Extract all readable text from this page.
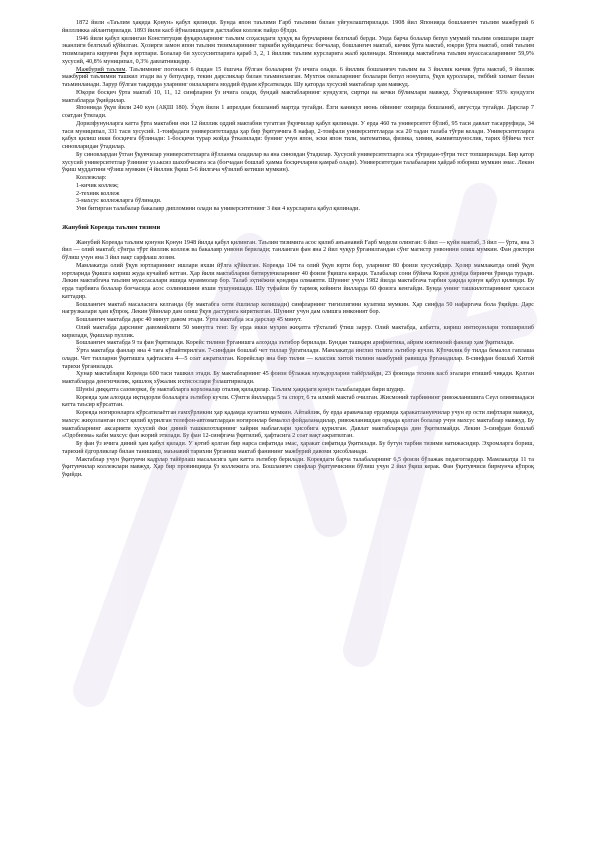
1872 йили «Таълим ҳақида Қонун» қабул қилинди. Бунда япон таълими Ғарб таълими билан уйғунлаштирилади. 1908 йил Японияда бошланғич таълим мажбурий 6 йиллликка айлантирилади. 1893 йили касб йўналишидаги дастлабки коллеж пайдо бўлди.

1946 йили қабул қилинган Конституция фуқароларнинг таълим соҳасидаги ҳуқуқ ва бурчларини белгилаб берди. Унда барча болалар бепул умумий таълим олишлари шарт эканлиги белгилаб қўйилган. Ҳозирги замон япон таълим тизимларининг таркиби қуйидагича: боғчалар, бошланғич мактаб, кичик ўрта мактаб, юқори ўрта мактаб, олий таълим тизимларига кирувчи ўқув юртлари. Болалар 6и хуссусиятларига қараб 3, 2, 1 йиллик таълим курсларига жалб қилинади. Японияда мактабгача таълим муассасаларининг 59,9% хусусий, 40,8% муниципал, 0,3% давлатникидир.

Мажбурий таълим. Таълимнинг погонаси 6 ёшдан 15 ёшгача бўлган болаларни ўз ичига олади. 6 йиллик бошланғич таълим ва 3 йиллик кичик ўрта мактаб, 9 йиллик мажбурий таълимни ташкил этади ва у бепулдир, текин дарсликлар билан таъминланган. Мухтож оилаларнинг болалари бепул нонушта, ўқув қуроллари, тиббий хизмат билан таъминланади. Зарур бўлган тақдирда уларнинг оилаларига моддий ёрдам кўрсатилади. Шу қаторда хусусий мактаблар ҳам мавжуд.

Юқори босқич ўрта мактаб 10, 11, 12 синфларни ўз ичига олади, бундай мактабларнинг кундузги, сиртқи ва кечки бўлимлари мавжуд. Ўқувчиларнинг 95% кундузги мактабларда ўқийдилар.

Японияда ўқув йили 240 кун (АҚШ 180). Ўқув йили 1 апрелдан бошланиб мартда тугайди. Ёзги каникул июнь ойининг охирида бошланиб, августда тугайди. Дарслар 7 соатдан ўтилади.

Дорилфунунларга катта ўрта мактабни еки 12 йиллик оддий мактабни тугатган ўқувчилар қабул қилинади. У ерда 460 та университет бўлиб, 95 таси давлат тасарруфида, 34 таси муниципал, 331 таси хусусий. 1-тоифадаги университетларда ҳар бир ўқитувчига 8 нафар, 2-тоифали университетларда эса 20 тадан талаба тўғри келади. Университетларга қабул қилиш икки босқичга бўлинади: 1-босқичи турар жойда ўтказилади: бунинг учун япон, эски япон тили, математика, физика, химия, жамиятшунослик, тарих бўйича тест синовларидан ўтадилар.

Бу синовлардан ўтган ўқувчилар университетларга йўлланма оладилар ва яна синовдан ўтадилар. Хусусий университетларга эса тўғридан-тўғри тест топширилади. Бир қатор хусусий университетлар ўзининг уз.ьксиз шахобчасига эса (боғчадан бошлаб ҳамма босқичларни қамраб олади). Университетдан талабаларни ҳайдаб юбориш мумкин эмас. Лекин ўқиш муддатини чўзиш мумкин (4 йиллик ўқиш 5-6 йилгача чўзилиб кетиши мумкин).

Коллежлар:

1-кичик коллеж;

2-техник коллеж

3-махсус коллежларга бўлинади.

Уни битирган талабалар бакалавр дипломини олади ва университетнинг 3 ёки 4 курсларига қабул қилинади.

Жанубий Кореяда таълим тизими

Жанубий Кореяда таълим қонуни Қонун 1948 йилда қабул қилинган. Таълим тизимига асос қилиб анъанавий Ғарб модели олинган: 6 йил — қуйи мактаб, 3 йил — ўрта, яна 3 йил — олий мактаб; сўнгра тўрт йиллик коллеж ва бакалавр унвони берилади; танланган фан яна 2 йил чуқур ўрганилгандан сўнг магистр унвонини олиш мумкин. Фан доктори бўлиш учун яна 3 йил вақт сарфлаш лозим.

Мамлакатда олий ўқув юртларининг ишлари яхши йўлга қўйилган. Кореяда 104 та олий ўқув юрти бор, уларнинг 80 фоизи хусусийдир. Ҳозир мамлакатда олий ўқув юртларида ўқишга кириш жуда кучайиб кетган. Ҳар йили мактабларни битирувчиларнинг 40 фоизи ўқишга киради. Талабалар сони бўйича Корея дунёда биринчи ўринда туради. Лекин мактабгача таълим муассасалари ишида муаммолар бор. Талаб эҳтиёжни қондира олмаяпти. Шунинг учун 1982 йилда мактабгача тарбия ҳақида қонун қабул қилинди. Бу ерда тарбияга болалар боғчасида асос солинишини яхши тушунишади. Шу туфайли бу тармоқ кейинги йилларда 60 фоизга кенгайди. Бунда унинг ташкилотларининг ҳиссаси каттадир.

Бошланғич мактаб масаласига келганда (бу мактабга олти ёшлилар келишади) синфларнинг тиғизлигини кузатиш мумкин. Ҳар синфда 50 нафаргача бола ўқийди. Дарс нагрузкалари ҳам кўпроқ. Лекин ўйинлар дам олиш ўқув дастурига киритилган. Шунинг учун дам олишга имконият бор.

Бошланғич мактабда дарс 40 минут давом этади. Ўрта мактабда эса дарслар 45 минут.

Олий мактабда дарснинг давомийлиги 50 минутга тенг. Бу ерда икки муҳим жиҳатга тўхталиб ўтиш зарур. Олий мактабда, албатта, кириш имтиҳонлари топширилиб кирилади, ўқишлар пуллик.

Бошланғич мактабда 9 та фан ўқитилади. Корейс тилини ўрганишга алоҳида эътибор берилади. Бундан ташқари арифметика, айрим ижтимоий фанлар ҳам ўқитилади.

Ўрта мактабда фанлар яна 4 таға кўпайтирилган. 7-синфдан бошлаб чет тиллар ўргатилади. Мамлакатда инглиз тилига эътибор кучли. Кўпчилик бу тилда бемалол гаплаша олади. Чет тилларни ўқитишга ҳафтасига 4—5 соат ажратилган. Корейслар яна бир тилни — классик хитой тилини мажбурий равишда ўрганадилар. 8-синфдан бошлаб Хитой тарихи ўрганилади.

Ҳунар мактаблари Кореяда 600 таси ташкил этади. Бу мактабларнинг 45 фоизи бўлажак мулкдорларни тайёрлайди, 23 фоизида техник касб эгалари етишиб чиқади. Қолган мактабларда денгизчилик, қишлоқ хўжалик ихтисослари ўзлаштирилади.

Шунisi диққатга сазоворки, бу мактабларга корхоналар оталиқ қиладилар. Таълим ҳақидаги қонун талабалардан бири шудир.

Кореяда ҳам алоҳида иқтидорли болаларга эътибор кучли. Сўнгги йилларда 5 та спорт, 6 та илмий мактаб очилган. Жисмоний тарбиянинг ривожланишига Сеул олимпиадаси катта таъсир кўрсатган.

Кореяда ноғиронларга кўрсатилаётган ғамхўрликни ҳар қадамда кузатиш мумкин. Айтайлик, бу ерда аравачалар ердамида ҳаракатланувчилар учун ер ости лифтлари мавжуд, махсус жиҳозланган пост қилиб қурилган телефон-автоматлардан ногиронлар бемалол фойдаланадилар, ривожланишдан орқада қолган болалар учун махсус мактаблар мавжуд. Бу мактабларнинг аксарияти хусусий ёки диний ташкилотларнинг хайрия маблағлари ҳисобига қурилган. Давлат мактабларида дин ўқитилмайди. Лекин 3-синфдан бошлаб «Одобнома» каби махсус фан жорий этилади. Бу фан 12-синфгача ўқитилиб, ҳафтасига 2 соат вақт ажратилган.

Бу фан ўз ичига диний ҳам қабул қилади. У қотиб қолган бир нарса сифатида эмас, ҳаракат сифатида ўқитилади. Бу бутун тарбия тизими натижасидир. Эҳромларга бориш, тарихий ёдгорликлар билан танишиш, маънавий тарихни ўрганиш мактаб фанининг мажбурий давоми ҳисобланади.

Мактаблар учун ўқитувчи кадрлар тайёрлаш масаласига ҳам катта эътибор берилади. Кореядаги барча талабаларнинг 6,5 фоизи бўлажак педагоглардир. Мамлакатда 11 та ўқитувчилар коллежлари мавжуд. Ҳар бир провинцияда ўз коллежига эга. Бошланғич синфлар ўқитувчисини бўлиш учун 2 йил ўқиш керак. Фан ўқитувчиси бирмунча кўпроқ ўқийди.
